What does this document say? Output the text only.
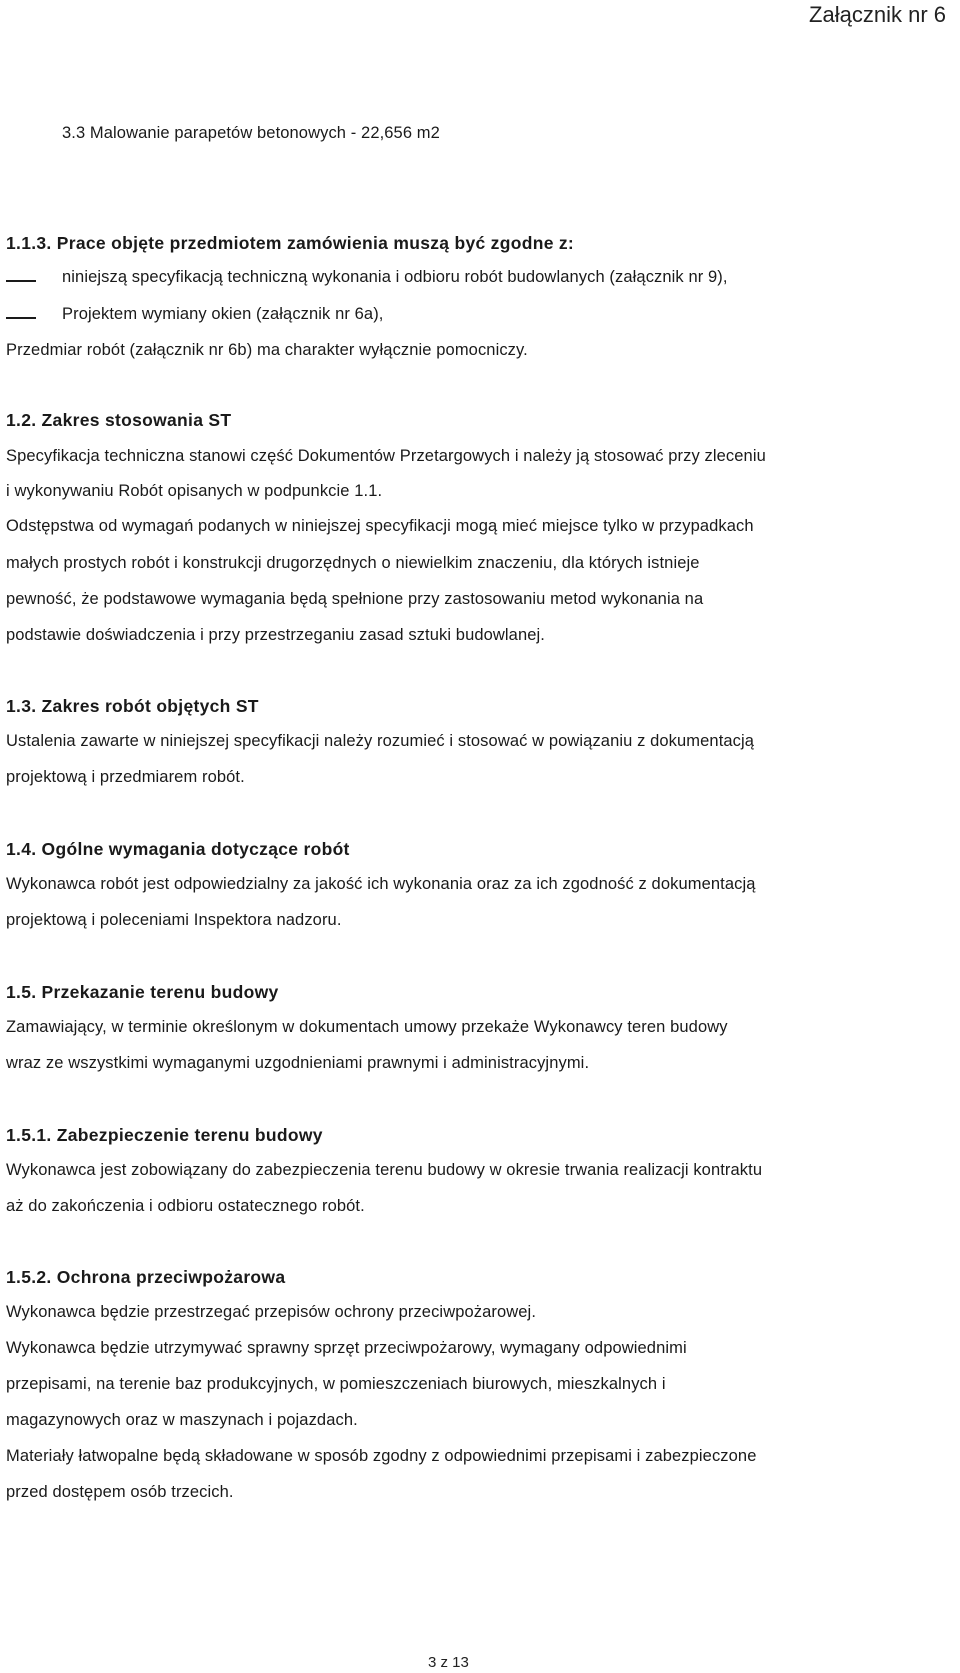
Załącznik nr 6
3.3 Malowanie parapetów betonowych - 22,656 m2
1.1.3. Prace objęte przedmiotem zamówienia muszą być zgodne z:
niniejszą specyfikacją techniczną wykonania i odbioru robót budowlanych (załącznik nr 9),
Projektem wymiany okien (załącznik nr 6a),
Przedmiar robót (załącznik nr 6b) ma charakter wyłącznie pomocniczy.
1.2. Zakres stosowania ST
Specyfikacja techniczna stanowi część Dokumentów Przetargowych i należy ją stosować przy zleceniu
i wykonywaniu Robót opisanych w podpunkcie 1.1.
Odstępstwa od wymagań podanych w niniejszej specyfikacji mogą mieć miejsce tylko w przypadkach
małych prostych robót i konstrukcji drugorzędnych o niewielkim znaczeniu, dla których istnieje
pewność, że podstawowe wymagania będą spełnione przy zastosowaniu metod wykonania na
podstawie doświadczenia i przy przestrzeganiu zasad sztuki budowlanej.
1.3. Zakres robót objętych ST
Ustalenia zawarte w niniejszej specyfikacji należy rozumieć i stosować w powiązaniu z dokumentacją
projektową i przedmiarem robót.
1.4. Ogólne wymagania dotyczące robót
Wykonawca robót jest odpowiedzialny za jakość ich wykonania oraz za ich zgodność z dokumentacją
projektową i poleceniami Inspektora nadzoru.
1.5. Przekazanie terenu budowy
Zamawiający, w terminie określonym w dokumentach umowy przekaże Wykonawcy teren budowy
wraz ze wszystkimi wymaganymi uzgodnieniami prawnymi i administracyjnymi.
1.5.1. Zabezpieczenie terenu budowy
Wykonawca jest zobowiązany do zabezpieczenia terenu budowy w okresie trwania realizacji kontraktu
aż do zakończenia i odbioru ostatecznego robót.
1.5.2. Ochrona przeciwpożarowa
Wykonawca będzie przestrzegać przepisów ochrony przeciwpożarowej.
Wykonawca będzie utrzymywać sprawny sprzęt przeciwpożarowy, wymagany odpowiednimi
przepisami, na terenie baz produkcyjnych, w pomieszczeniach biurowych, mieszkalnych i
magazynowych oraz w maszynach i pojazdach.
Materiały łatwopalne będą składowane w sposób zgodny z odpowiednimi przepisami i zabezpieczone
przed dostępem osób trzecich.
3 z 13
